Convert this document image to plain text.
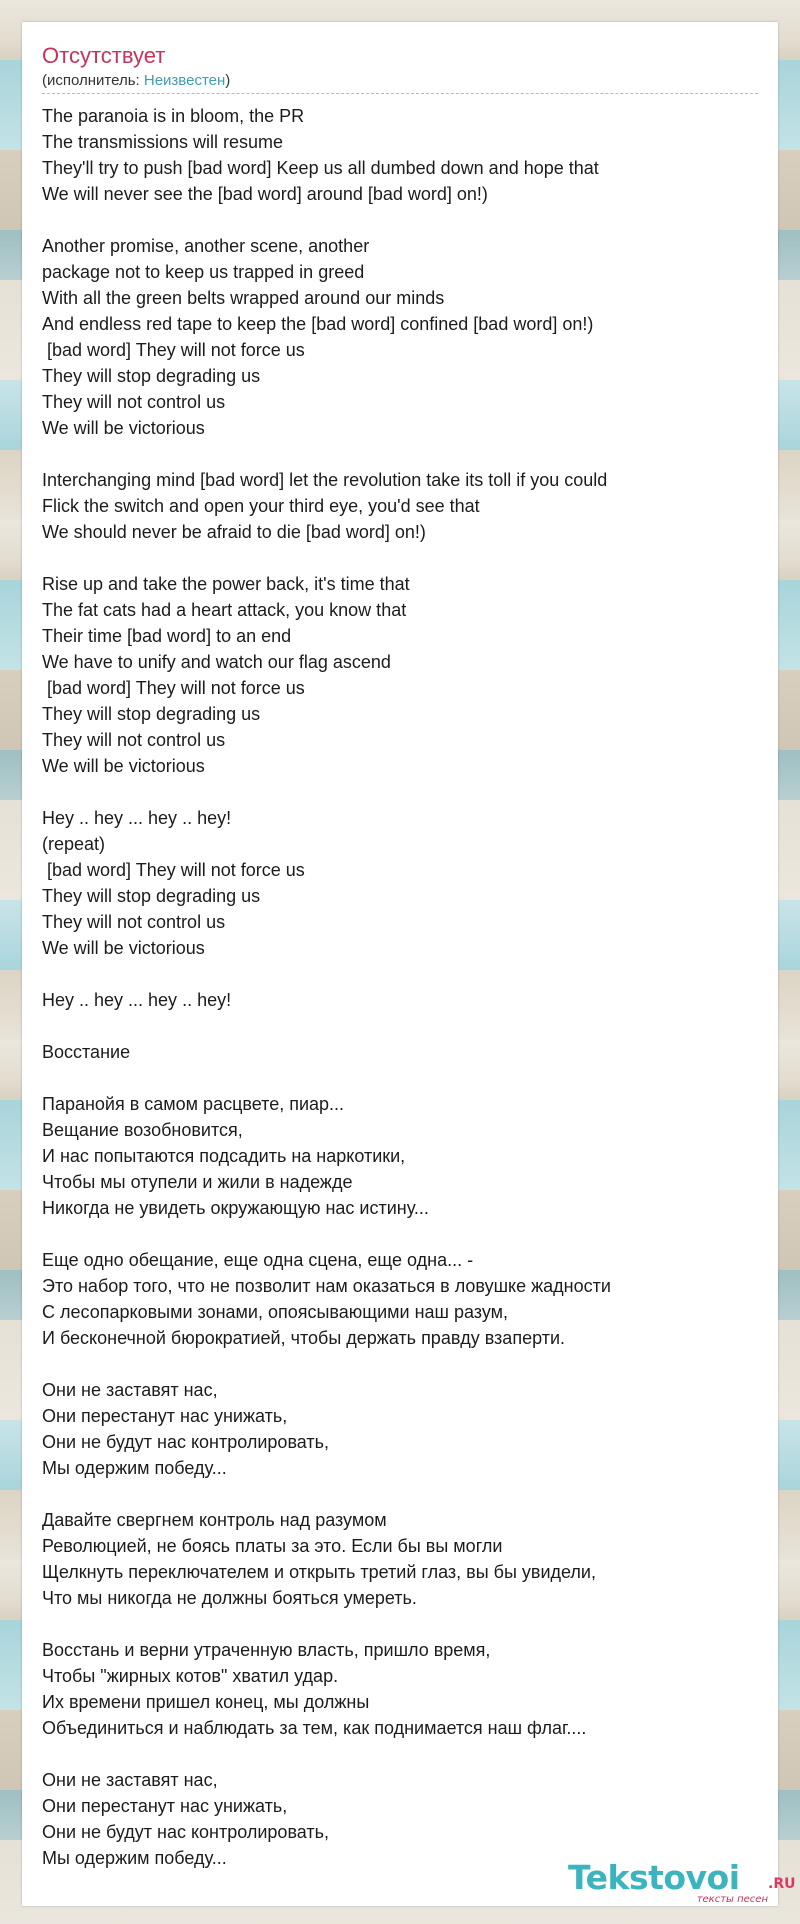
Отсутствует
(исполнитель: Неизвестен)
The paranoia is in bloom, the PR
The transmissions will resume
They'll try to push [bad word] Keep us all dumbed down and hope that
We will never see the [bad word] around [bad word] on!)
Another promise, another scene, another
package not to keep us trapped in greed
With all the green belts wrapped around our minds
And endless red tape to keep the [bad word] confined [bad word] on!)
[bad word] They will not force us
They will stop degrading us
They will not control us
We will be victorious
Interchanging mind [bad word] let the revolution take its toll if you could
Flick the switch and open your third eye, you'd see that
We should never be afraid to die [bad word] on!)
Rise up and take the power back, it's time that
The fat cats had a heart attack, you know that
Their time [bad word] to an end
We have to unify and watch our flag ascend
[bad word] They will not force us
They will stop degrading us
They will not control us
We will be victorious
Hey .. hey ... hey .. hey!
(repeat)
[bad word] They will not force us
They will stop degrading us
They will not control us
We will be victorious
Hey .. hey ... hey .. hey!
Восстание
Паранойя в самом расцвете, пиар...
Вещание возобновится,
И нас попытаются подсадить на наркотики,
Чтобы мы отупели и жили в надежде
Никогда не увидеть окружающую нас истину...
Еще одно обещание, еще одна сцена, еще одна... -
Это набор того, что не позволит нам оказаться в ловушке жадности
С лесопарковыми зонами, опоясывающими наш разум,
И бесконечной бюрократией, чтобы держать правду взаперти.
Они не заставят нас,
Они перестанут нас унижать,
Они не будут нас контролировать,
Мы одержим победу...
Давайте свергнем контроль над разумом
Революцией, не боясь платы за это. Если бы вы могли
Щелкнуть переключателем и открыть третий глаз, вы бы увидели,
Что мы никогда не должны бояться умереть.
Восстань и верни утраченную власть, пришло время,
Чтобы "жирных котов" хватил удар.
Их времени пришел конец, мы должны
Объединиться и наблюдать за тем, как поднимается наш флаг....
Они не заставят нас,
Они перестанут нас унижать,
Они не будут нас контролировать,
Мы одержим победу...	Tekstovoi .RU
тексты песен
